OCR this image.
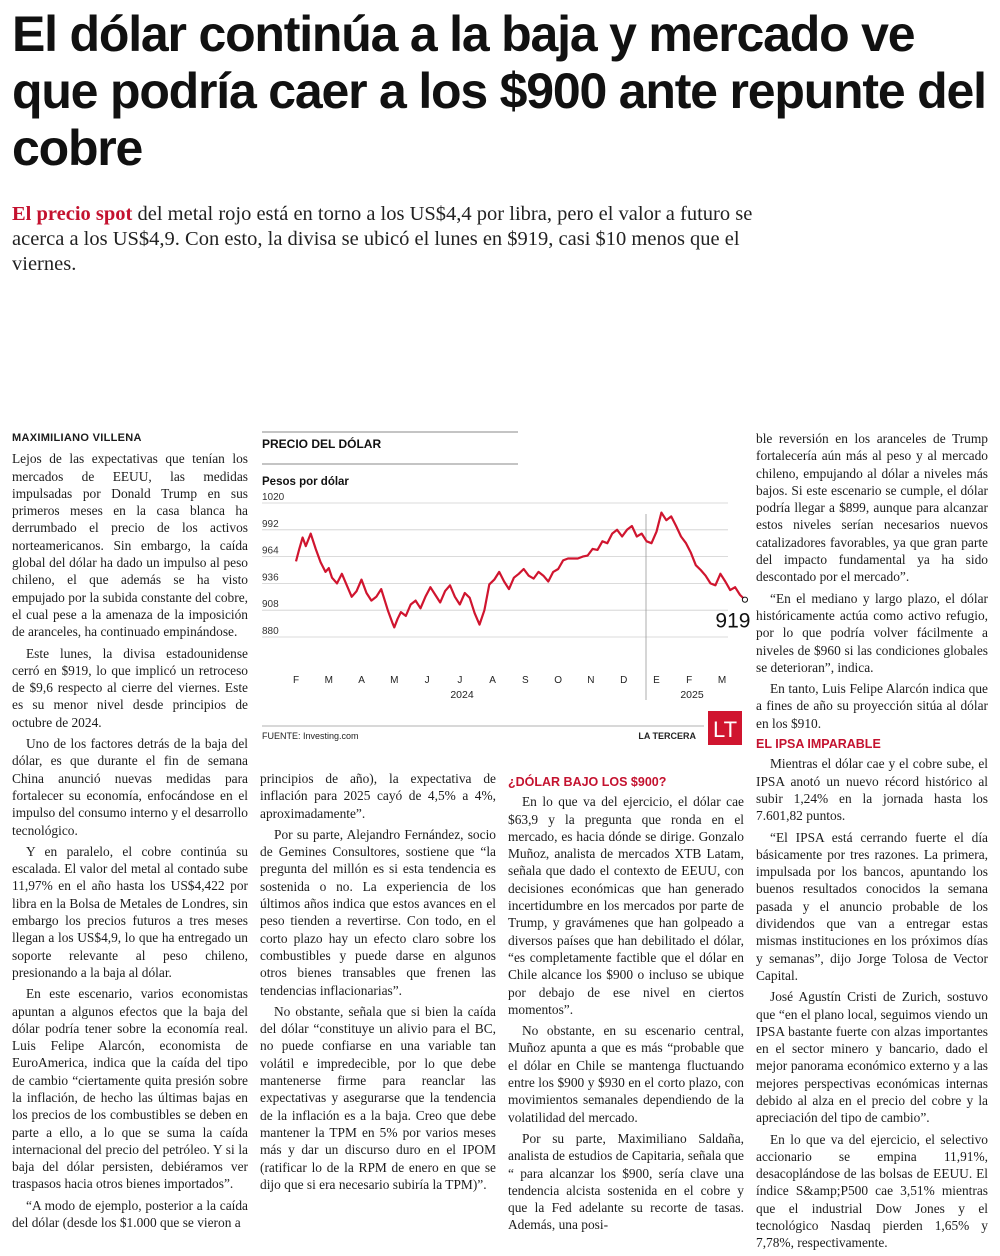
El dólar continúa a la baja y mercado ve que podría caer a los $900 ante repunte del cobre

El precio spot del metal rojo está en torno a los US$4,4 por libra, pero el valor a futuro se acerca a los US$4,9. Con esto, la divisa se ubicó el lunes en $919, casi $10 menos que el viernes.

MAXIMILIANO VILLENA

Lejos de las expectativas que tenían los mercados de EEUU, las medidas impulsadas por Donald Trump en sus primeros meses en la casa blanca ha derrumbado el precio de los activos norteamericanos. Sin embargo, la caída global del dólar ha dado un impulso al peso chileno, el que además se ha visto empujado por la subida constante del cobre, el cual pese a la amenaza de la imposición de aranceles, ha continuado empinándose.

Este lunes, la divisa estadounidense cerró en $919, lo que implicó un retroceso de $9,6 respecto al cierre del viernes. Este es su menor nivel desde principios de octubre de 2024.

Uno de los factores detrás de la baja del dólar, es que durante el fin de semana China anunció nuevas medidas para fortalecer su economía, enfocándose en el impulso del consumo interno y el desarrollo tecnológico.

Y en paralelo, el cobre continúa su escalada. El valor del metal al contado sube 11,97% en el año hasta los US$4,422 por libra en la Bolsa de Metales de Londres, sin embargo los precios futuros a tres meses llegan a los US$4,9, lo que ha entregado un soporte relevante al peso chileno, presionando a la baja al dólar.

En este escenario, varios economistas apuntan a algunos efectos que la baja del dólar podría tener sobre la economía real. Luis Felipe Alarcón, economista de EuroAmerica, indica que la caída del tipo de cambio “ciertamente quita presión sobre la inflación, de hecho las últimas bajas en los precios de los combustibles se deben en parte a ello, a lo que se suma la caída internacional del precio del petróleo. Y si la baja del dólar persisten, debiéramos ver traspasos hacia otros bienes importados”.

“A modo de ejemplo, posterior a la caída del dólar (desde los $1.000 que se vieron a

PRECIO DEL DÓLAR
Pesos por dólar
1020
992
964
936
908
880
F	M	A	M	J	J	A	S	O	N	D	E	F	M
919
2024	2025
FUENTE: Investing.com	LA TERCERA LT

principios de año), la expectativa de inflación para 2025 cayó de 4,5% a 4%, aproximadamente”.

Por su parte, Alejandro Fernández, socio de Gemines Consultores, sostiene que “la pregunta del millón es si esta tendencia es sostenida o no. La experiencia de los últimos años indica que estos avances en el peso tienden a revertirse. Con todo, en el corto plazo hay un efecto claro sobre los combustibles y puede darse en algunos otros bienes transables que frenen las tendencias inflacionarias”.

No obstante, señala que si bien la caída del dólar “constituye un alivio para el BC, no puede confiarse en una variable tan volátil e impredecible, por lo que debe mantenerse firme para reanclar las expectativas y asegurarse que la tendencia de la inflación es a la baja. Creo que debe mantener la TPM en 5% por varios meses más y dar un discurso duro en el IPOM (ratificar lo de la RPM de enero en que se dijo que si era necesario subiría la TPM)”.

¿DÓLAR BAJO LOS $900?

En lo que va del ejercicio, el dólar cae $63,9 y la pregunta que ronda en el mercado, es hacia dónde se dirige. Gonzalo Muñoz, analista de mercados XTB Latam, señala que dado el contexto de EEUU, con decisiones económicas que han generado incertidumbre en los mercados por parte de Trump, y gravámenes que han golpeado a diversos países que han debilitado el dólar, “es completamente factible que el dólar en Chile alcance los $900 o incluso se ubique por debajo de ese nivel en ciertos momentos”.

No obstante, en su escenario central, Muñoz apunta a que es más “probable que el dólar en Chile se mantenga fluctuando entre los $900 y $930 en el corto plazo, con movimientos semanales dependiendo de la volatilidad del mercado.

Por su parte, Maximiliano Saldaña, analista de estudios de Capitaria, señala que “ para alcanzar los $900, sería clave una tendencia alcista sostenida en el cobre y que la Fed adelante su recorte de tasas. Además, una posi-

ble reversión en los aranceles de Trump fortalecería aún más al peso y al mercado chileno, empujando al dólar a niveles más bajos. Si este escenario se cumple, el dólar podría llegar a $899, aunque para alcanzar estos niveles serían necesarios nuevos catalizadores favorables, ya que gran parte del impacto fundamental ya ha sido descontado por el mercado”.

“En el mediano y largo plazo, el dólar históricamente actúa como activo refugio, por lo que podría volver fácilmente a niveles de $960 si las condiciones globales se deterioran”, indica.

En tanto, Luis Felipe Alarcón indica que a fines de año su proyección sitúa al dólar en los $910.

EL IPSA IMPARABLE

Mientras el dólar cae y el cobre sube, el IPSA anotó un nuevo récord histórico al subir 1,24% en la jornada hasta los 7.601,82 puntos.

“El IPSA está cerrando fuerte el día básicamente por tres razones. La primera, impulsada por los bancos, apuntando los buenos resultados conocidos la semana pasada y el anuncio probable de los dividendos que van a entregar estas mismas instituciones en los próximos días y semanas”, dijo Jorge Tolosa de Vector Capital.

José Agustín Cristi de Zurich, sostuvo que “en el plano local, seguimos viendo un IPSA bastante fuerte con alzas importantes en el sector minero y bancario, dado el mejor panorama económico externo y a las mejores perspectivas económicas internas debido al alza en el precio del cobre y la apreciación del tipo de cambio”.

En lo que va del ejercicio, el selectivo accionario se empina 11,91%, desacoplándose de las bolsas de EEUU. El índice S&amp;P500 cae 3,51% mientras que el industrial Dow Jones y el tecnológico Nasdaq pierden 1,65% y 7,78%, respectivamente.
